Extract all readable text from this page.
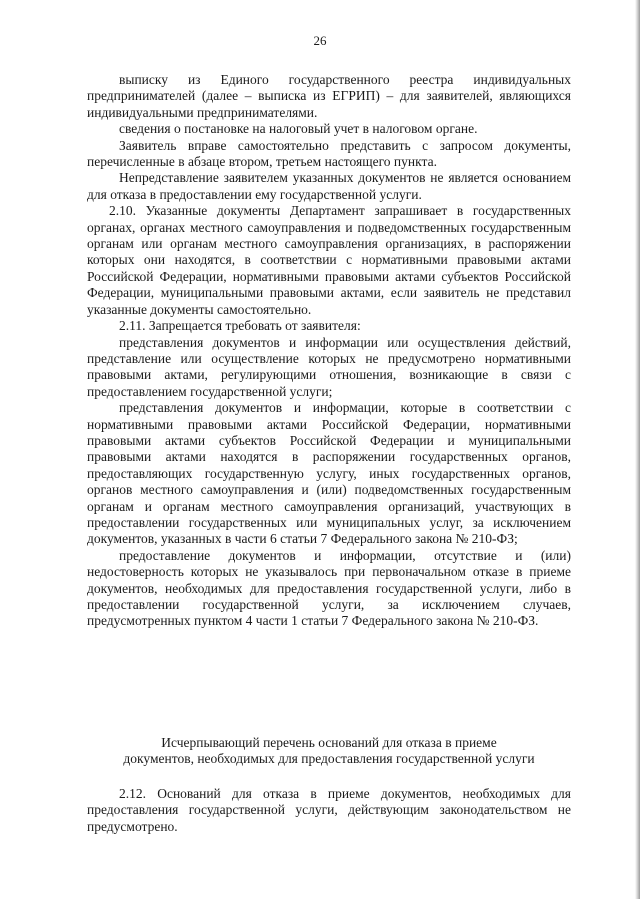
26

выписку из Единого государственного реестра индивидуальных предпринимателей (далее – выписка из ЕГРИП) – для заявителей, являющихся индивидуальными предпринимателями.

сведения о постановке на налоговый учет в налоговом органе.

Заявитель вправе самостоятельно представить с запросом документы, перечисленные в абзаце втором, третьем настоящего пункта.

Непредставление заявителем указанных документов не является основанием для отказа в предоставлении ему государственной услуги.

2.10. Указанные документы Департамент запрашивает в государственных органах, органах местного самоуправления и подведомственных государственным органам или органам местного самоуправления организациях, в распоряжении которых они находятся, в соответствии с нормативными правовыми актами Российской Федерации, нормативными правовыми актами субъектов Российской Федерации, муниципальными правовыми актами, если заявитель не представил указанные документы самостоятельно.

2.11. Запрещается требовать от заявителя:

представления документов и информации или осуществления действий, представление или осуществление которых не предусмотрено нормативными правовыми актами, регулирующими отношения, возникающие в связи с предоставлением государственной услуги;

представления документов и информации, которые в соответствии с нормативными правовыми актами Российской Федерации, нормативными правовыми актами субъектов Российской Федерации и муниципальными правовыми актами находятся в распоряжении государственных органов, предоставляющих государственную услугу, иных государственных органов, органов местного самоуправления и (или) подведомственных государственным органам и органам местного самоуправления организаций, участвующих в предоставлении государственных или муниципальных услуг, за исключением документов, указанных в части 6 статьи 7 Федерального закона № 210-ФЗ;

предоставление документов и информации, отсутствие и (или) недостоверность которых не указывалось при первоначальном отказе в приеме документов, необходимых для предоставления государственной услуги, либо в предоставлении государственной услуги, за исключением случаев, предусмотренных пунктом 4 части 1 статьи 7 Федерального закона № 210-ФЗ.

Исчерпывающий перечень оснований для отказа в приеме

документов, необходимых для предоставления государственной услуги

2.12. Оснований для отказа в приеме документов, необходимых для предоставления государственной услуги, действующим законодательством не предусмотрено.
